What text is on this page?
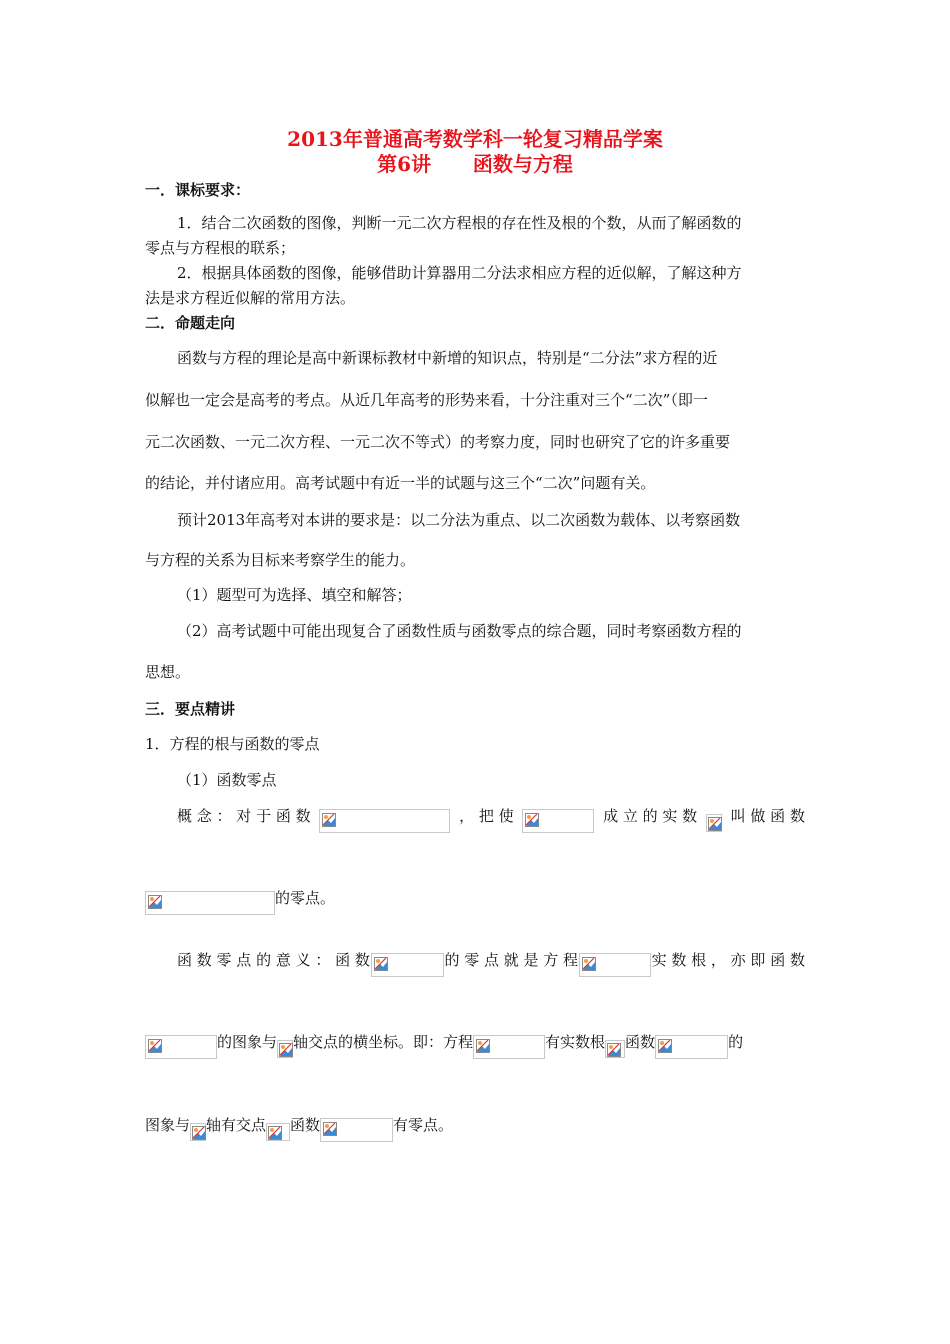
2013年普通高考数学科一轮复习精品学案
第6讲      函数与方程
一．课标要求：

1．结合二次函数的图像，判断一元二次方程根的存在性及根的个数，从而了解函数的

零点与方程根的联系；

2．根据具体函数的图像，能够借助计算器用二分法求相应方程的近似解，了解这种方

法是求方程近似解的常用方法。

二．命题走向

函数与方程的理论是高中新课标教材中新增的知识点，特别是“二分法”求方程的近

似解也一定会是高考的考点。从近几年高考的形势来看，十分注重对三个“二次”（即一

元二次函数、一元二次方程、一元二次不等式）的考察力度，同时也研究了它的许多重要

的结论，并付诸应用。高考试题中有近一半的试题与这三个“二次”问题有关。

预计2013年高考对本讲的要求是：以二分法为重点、以二次函数为载体、以考察函数

与方程的关系为目标来考察学生的能力。

（1）题型可为选择、填空和解答；

（2）高考试题中可能出现复合了函数性质与函数零点的综合题，同时考察函数方程的

思想。

三．要点精讲

1．方程的根与函数的零点

（1）函数零点

概 念 ： 对 于 函 数	， 把 使	成 立 的 实 数 叫 做 函 数
的零点。
函 数 零 点 的 意 义 ： 函 数	的 零 点 就 是 方 程	实 数 根 ， 亦 即 函 数
的图象与 轴交点的横坐标。即：方程	有实数根 函数	的
图象与 轴有交点 函数	有零点。
